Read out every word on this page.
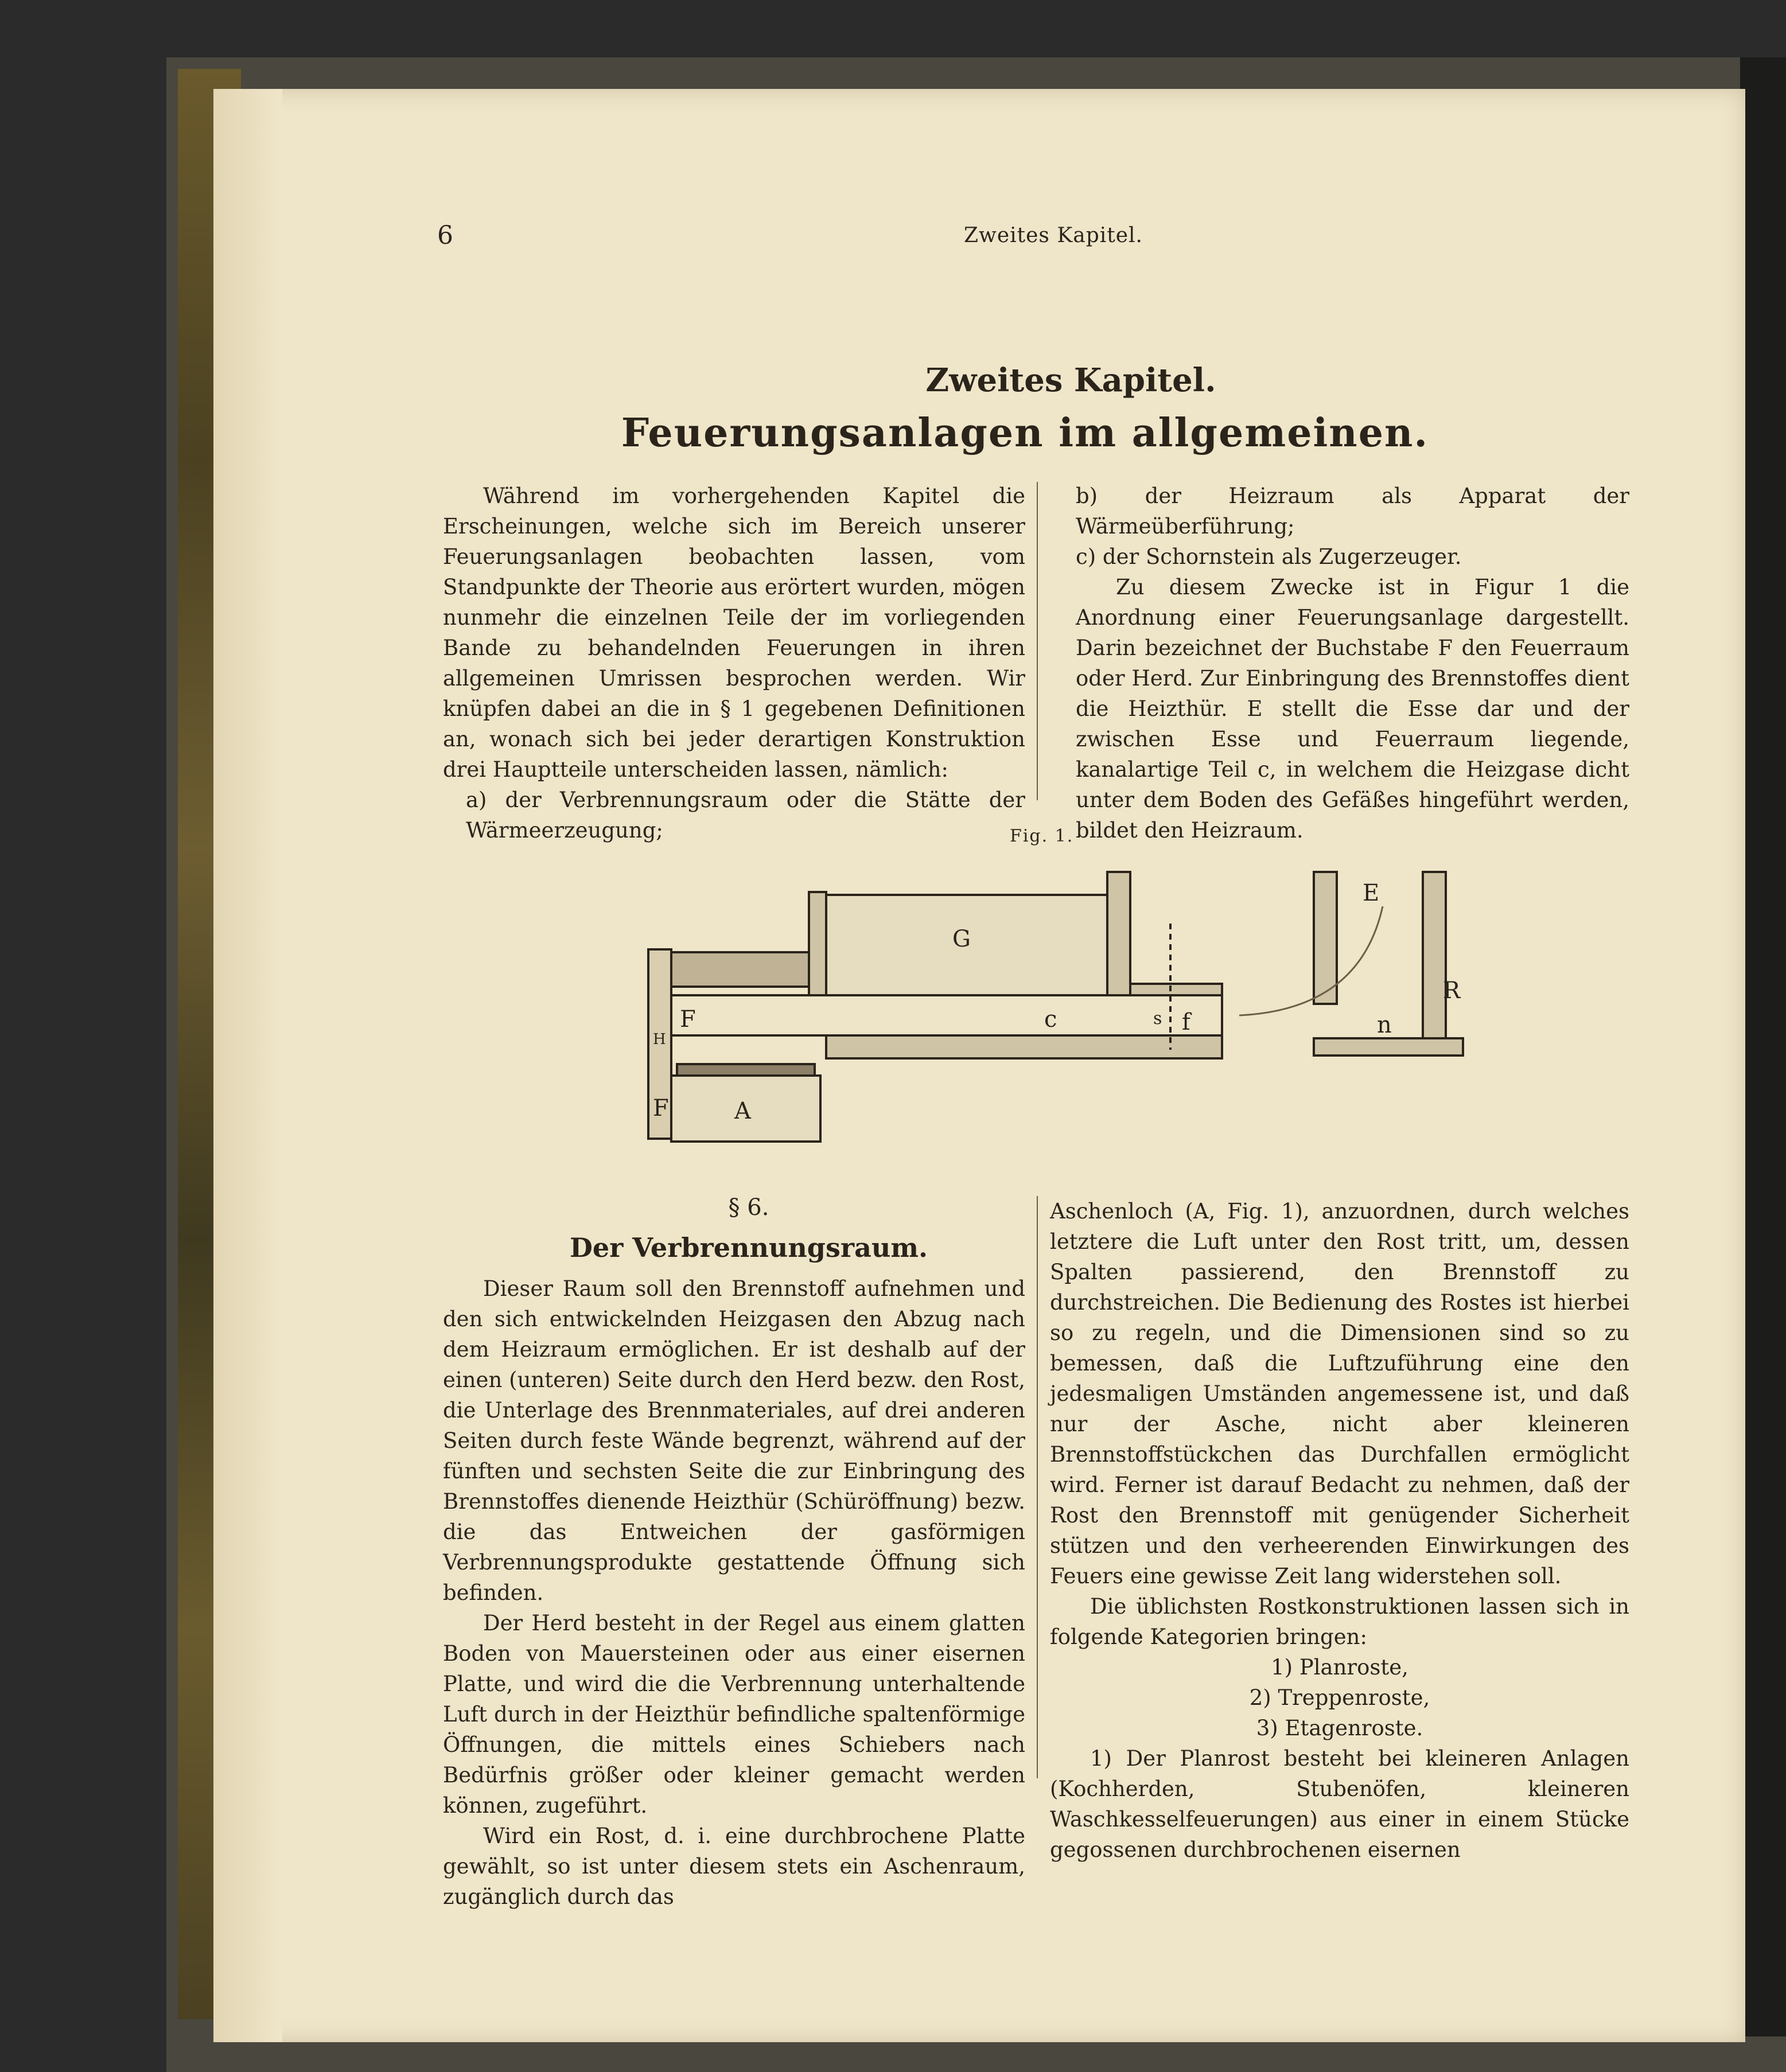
6	Zweites Kapitel.
Zweites Kapitel.
Feuerungsanlagen im allgemeinen.

Während im vorhergehenden Kapitel die Erscheinungen, welche sich im Bereich unserer Feuerungsanlagen beobachten lassen, vom Standpunkte der Theorie aus erörtert wurden, mögen nunmehr die einzelnen Teile der im vorliegenden Bande zu behandelnden Feuerungen in ihren allgemeinen Umrissen besprochen werden. Wir knüpfen dabei an die in § 1 gegebenen Definitionen an, wonach sich bei jeder derartigen Konstruktion drei Hauptteile unterscheiden lassen, nämlich:

a) der Verbrennungsraum oder die Stätte der Wärmeerzeugung;

b) der Heizraum als Apparat der Wärmeüberführung;

c) der Schornstein als Zugerzeuger.

Zu diesem Zwecke ist in Figur 1 die Anordnung einer Feuerungsanlage dargestellt. Darin bezeichnet der Buchstabe F den Feuerraum oder Herd. Zur Einbringung des Brennstoffes dient die Heizthür. E stellt die Esse dar und der zwischen Esse und Feuerraum liegende, kanalartige Teil c, in welchem die Heizgase dicht unter dem Boden des Gefäßes hingeführt werden, bildet den Heizraum.

Fig. 1.
G
F
H
F	A
c	s f
E
R
n
§ 6.
Der Verbrennungsraum.

Dieser Raum soll den Brennstoff aufnehmen und den sich entwickelnden Heizgasen den Abzug nach dem Heizraum ermöglichen. Er ist deshalb auf der einen (unteren) Seite durch den Herd bezw. den Rost, die Unterlage des Brennmateriales, auf drei anderen Seiten durch feste Wände begrenzt, während auf der fünften und sechsten Seite die zur Einbringung des Brennstoffes dienende Heizthür (Schüröffnung) bezw. die das Entweichen der gasförmigen Verbrennungsprodukte gestattende Öffnung sich befinden.

Der Herd besteht in der Regel aus einem glatten Boden von Mauersteinen oder aus einer eisernen Platte, und wird die die Verbrennung unterhaltende Luft durch in der Heizthür befindliche spaltenförmige Öffnungen, die mittels eines Schiebers nach Bedürfnis größer oder kleiner gemacht werden können, zugeführt.

Wird ein Rost, d. i. eine durchbrochene Platte gewählt, so ist unter diesem stets ein Aschenraum, zugänglich durch das

Aschenloch (A, Fig. 1), anzuordnen, durch welches letztere die Luft unter den Rost tritt, um, dessen Spalten passierend, den Brennstoff zu durchstreichen. Die Bedienung des Rostes ist hierbei so zu regeln, und die Dimensionen sind so zu bemessen, daß die Luftzuführung eine den jedesmaligen Umständen angemessene ist, und daß nur der Asche, nicht aber kleineren Brennstoffstückchen das Durchfallen ermöglicht wird. Ferner ist darauf Bedacht zu nehmen, daß der Rost den Brennstoff mit genügender Sicherheit stützen und den verheerenden Einwirkungen des Feuers eine gewisse Zeit lang widerstehen soll.

Die üblichsten Rostkonstruktionen lassen sich in folgende Kategorien bringen:

1) Planroste,

2) Treppenroste,

3) Etagenroste.

1) Der Planrost besteht bei kleineren Anlagen (Kochherden, Stubenöfen, kleineren Waschkesselfeuerungen) aus einer in einem Stücke gegossenen durchbrochenen eisernen
